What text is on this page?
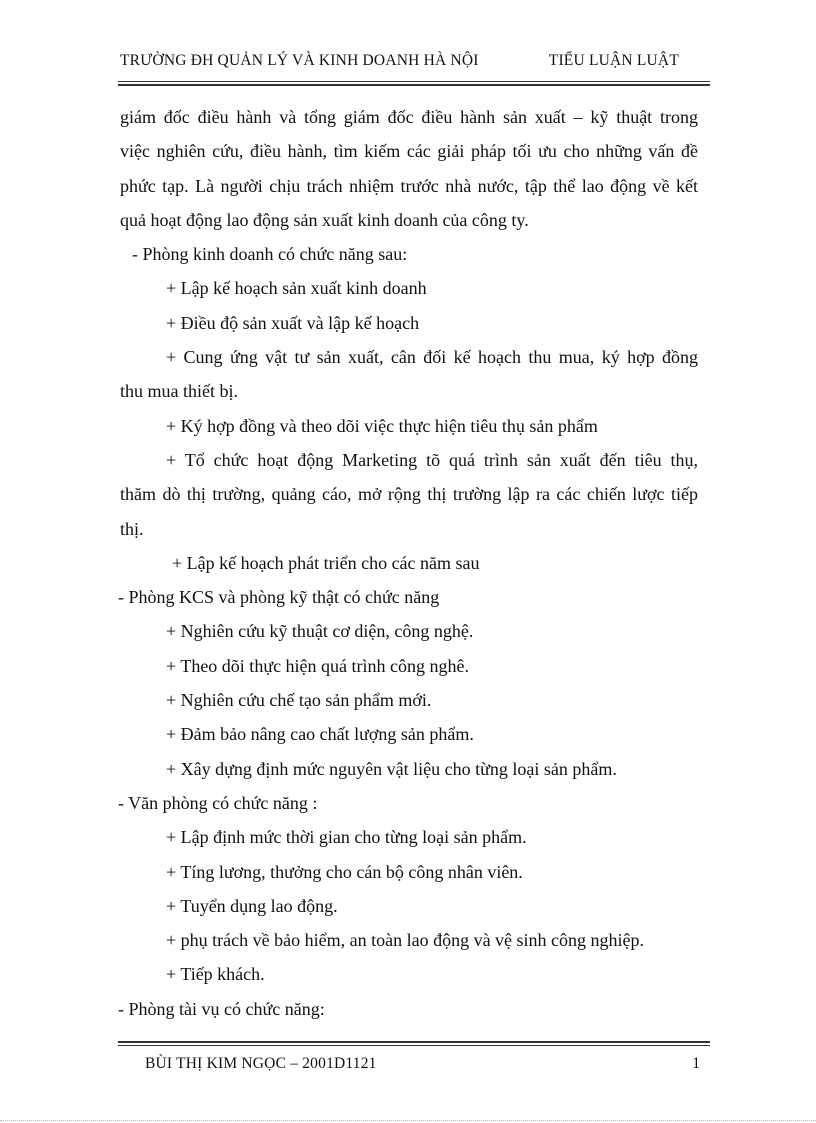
TRƯỜNG ĐH QUẢN LÝ VÀ KINH DOANH HÀ NỘI	TIỂU LUẬN LUẬT
giám đốc điều hành và tổng giám đốc điều hành sản xuất – kỹ thuật trong
việc nghiên cứu, điều hành, tìm kiếm các giải pháp tối ưu cho những vấn đề
phức tạp. Là người chịu trách nhiệm trước nhà nước, tập thể lao động về kết
quả hoạt động lao động sản xuất kinh doanh của công ty.
- Phòng kinh doanh có chức năng sau:
+ Lập kế hoạch sản xuất kinh doanh
+ Điều độ sản xuất và lập kế hoạch
+ Cung ứng vật tư sản xuất, cân đối kế hoạch thu mua, ký hợp đồng
thu mua thiết bị.
+ Ký hợp đồng và theo dõi việc thực hiện tiêu thụ sản phẩm
+ Tổ chức hoạt động Marketing tõ quá trình sản xuất đến tiêu thụ,
thăm dò thị trường, quảng cáo, mở rộng thị trường lập ra các chiến lược tiếp
thị.
+ Lập kế hoạch phát triển cho các năm sau
- Phòng KCS và phòng kỹ thật có chức năng
+ Nghiên cứu kỹ thuật cơ diện, công nghệ.
+ Theo dõi thực hiện quá trình công nghê.
+ Nghiên cứu chế tạo sản phẩm mới.
+ Đảm bảo nâng cao chất lượng sản phẩm.
+ Xây dựng định mức nguyên vật liệu cho từng loại sản phẩm.
- Văn phòng có chức năng :
+ Lập định mức thời gian cho từng loại sản phẩm.
+ Tíng lương, thưởng cho cán bộ công nhân viên.
+ Tuyển dụng lao động.
+ phụ trách về bảo hiểm, an toàn lao động và vệ sinh công nghiệp.
+ Tiếp khách.
- Phòng tài vụ có chức năng:
BÙI THỊ KIM NGỌC – 2001D1121	1
